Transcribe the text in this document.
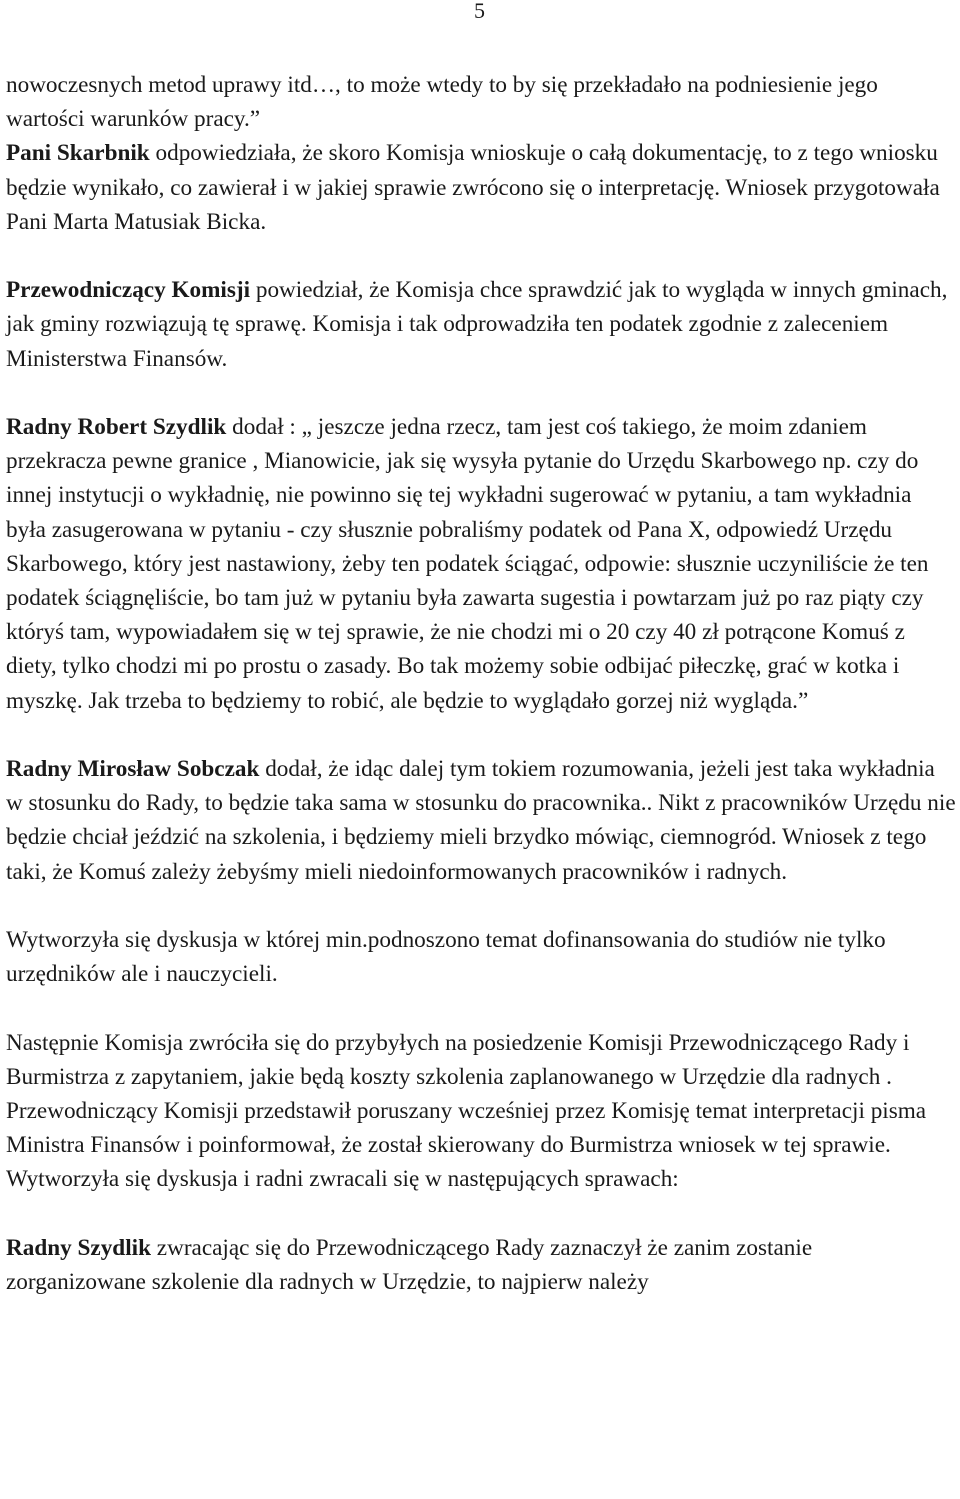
5

nowoczesnych metod uprawy itd…, to może wtedy to by się przekładało na podniesienie jego wartości warunków pracy.”

Pani Skarbnik odpowiedziała, że skoro Komisja wnioskuje o całą dokumentację, to z tego wniosku będzie wynikało, co zawierał i w jakiej sprawie zwrócono się o interpretację. Wniosek przygotowała Pani Marta Matusiak Bicka.

Przewodniczący Komisji powiedział, że Komisja chce sprawdzić jak to wygląda w innych gminach, jak gminy rozwiązują tę sprawę. Komisja i tak odprowadziła ten podatek zgodnie z zaleceniem Ministerstwa Finansów.

Radny Robert Szydlik dodał : „ jeszcze jedna rzecz, tam jest coś takiego, że moim zdaniem przekracza pewne granice , Mianowicie, jak się wysyła pytanie do Urzędu Skarbowego np. czy do innej instytucji o wykładnię, nie powinno się tej wykładni sugerować w pytaniu, a tam wykładnia była zasugerowana w pytaniu - czy słusznie pobraliśmy podatek od Pana X, odpowiedź Urzędu Skarbowego, który jest nastawiony, żeby ten podatek ściągać, odpowie: słusznie uczyniliście że ten podatek ściągnęliście, bo tam już w pytaniu była zawarta sugestia i powtarzam już po raz piąty czy któryś tam, wypowiadałem się w tej sprawie, że nie chodzi mi o 20 czy 40 zł potrącone Komuś z diety, tylko chodzi mi po prostu o zasady. Bo tak możemy sobie odbijać piłeczkę, grać w kotka i myszkę. Jak trzeba to będziemy to robić, ale będzie to wyglądało gorzej niż wygląda.”

Radny Mirosław Sobczak dodał, że idąc dalej tym tokiem rozumowania, jeżeli jest taka wykładnia w stosunku do Rady, to będzie taka sama w stosunku do pracownika.. Nikt z pracowników Urzędu nie będzie chciał jeździć na szkolenia, i będziemy mieli brzydko mówiąc, ciemnogród. Wniosek z tego taki, że Komuś zależy żebyśmy mieli niedoinformowanych pracowników i radnych.

Wytworzyła się dyskusja w której min.podnoszono temat dofinansowania do studiów nie tylko urzędników ale i nauczycieli.

Następnie Komisja zwróciła się do przybyłych na posiedzenie Komisji Przewodniczącego Rady i Burmistrza z zapytaniem, jakie będą koszty szkolenia zaplanowanego w Urzędzie dla radnych . Przewodniczący Komisji przedstawił poruszany wcześniej przez Komisję temat interpretacji pisma Ministra Finansów i poinformował, że został skierowany do Burmistrza wniosek w tej sprawie.

Wytworzyła się dyskusja i radni zwracali się w następujących sprawach:

Radny Szydlik zwracając się do Przewodniczącego Rady zaznaczył że zanim zostanie zorganizowane szkolenie dla radnych w Urzędzie, to najpierw należy
